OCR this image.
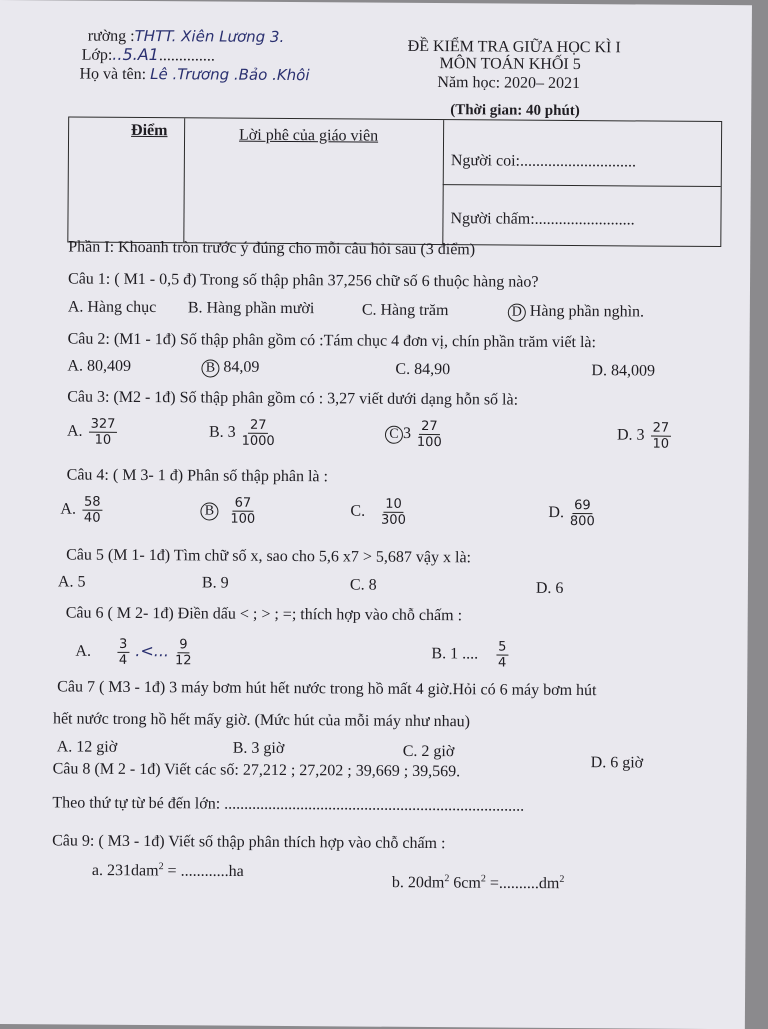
rường :THTT. Xiên Lương 3.
Lớp:..5.A1..............
Họ và tên: Lê .Trương .Bảo .Khôi
ĐỀ KIỂM TRA GIỮA HỌC KÌ I
MÔN TOÁN KHỐI 5
Năm học: 2020– 2021
(Thời gian: 40 phút)
Điểm	Lời phê của giáo viên
Người coi:.............................
Người chấm:.........................
Phần I: Khoanh tròn trước ý đúng cho mỗi câu hỏi sau (3 điểm)
Câu 1: ( M1 - 0,5 đ) Trong số thập phân 37,256 chữ số 6 thuộc hàng nào?
A. Hàng chục B. Hàng phần mười	C. Hàng trăm	D Hàng phần nghìn.
Câu 2: (M1 - 1đ) Số thập phân gồm có :Tám chục 4 đơn vị, chín phần trăm viết là:
A. 80,409	B 84,09	C. 84,90	D. 84,009
Câu 3: (M2 - 1đ) Số thập phân gồm có : 3,27 viết dưới dạng hỗn số là:
A. $\frac{327}{10}$	B. $3 \frac{27}{1000}$	C $3 \frac{27}{100}$	D. $3 \frac{27}{10}$
Câu 4: ( M 3- 1 đ) Phân số thập phân là :
A. $\frac{58}{40}$	B $\frac{67}{100}$	C. $\frac{10}{300}$	D. $\frac{69}{800}$
Câu 5 (M 1- 1đ) Tìm chữ số x, sao cho 5,6 x7 > 5,687 vậy x là:
A. 5	B. 9	C. 8	D. 6
Câu 6 ( M 2- 1đ) Điền dấu < ; > ; =; thích hợp vào chỗ chấm :
A. $\frac{3}{4}$ .<... $\frac{9}{12}$	B. 1 .... $\frac{5}{4}$
Câu 7 ( M3 - 1đ) 3 máy bơm hút hết nước trong hồ mất 4 giờ.Hỏi có 6 máy bơm hút
hết nước trong hồ hết mấy giờ. (Mức hút của mỗi máy như nhau)
A. 12 giờ	B. 3 giờ	C. 2 giờ
D. 6 giờ
Câu 8 (M 2 - 1đ) Viết các số: 27,212 ; 27,202 ; 39,669 ; 39,569.
Theo thứ tự từ bé đến lớn: ...........................................................................
Câu 9: ( M3 - 1đ) Viết số thập phân thích hợp vào chỗ chấm :
a. 231dam$^2$ = ............ha
b. $20dm^2$ $6cm^2 =..........dm^2$
